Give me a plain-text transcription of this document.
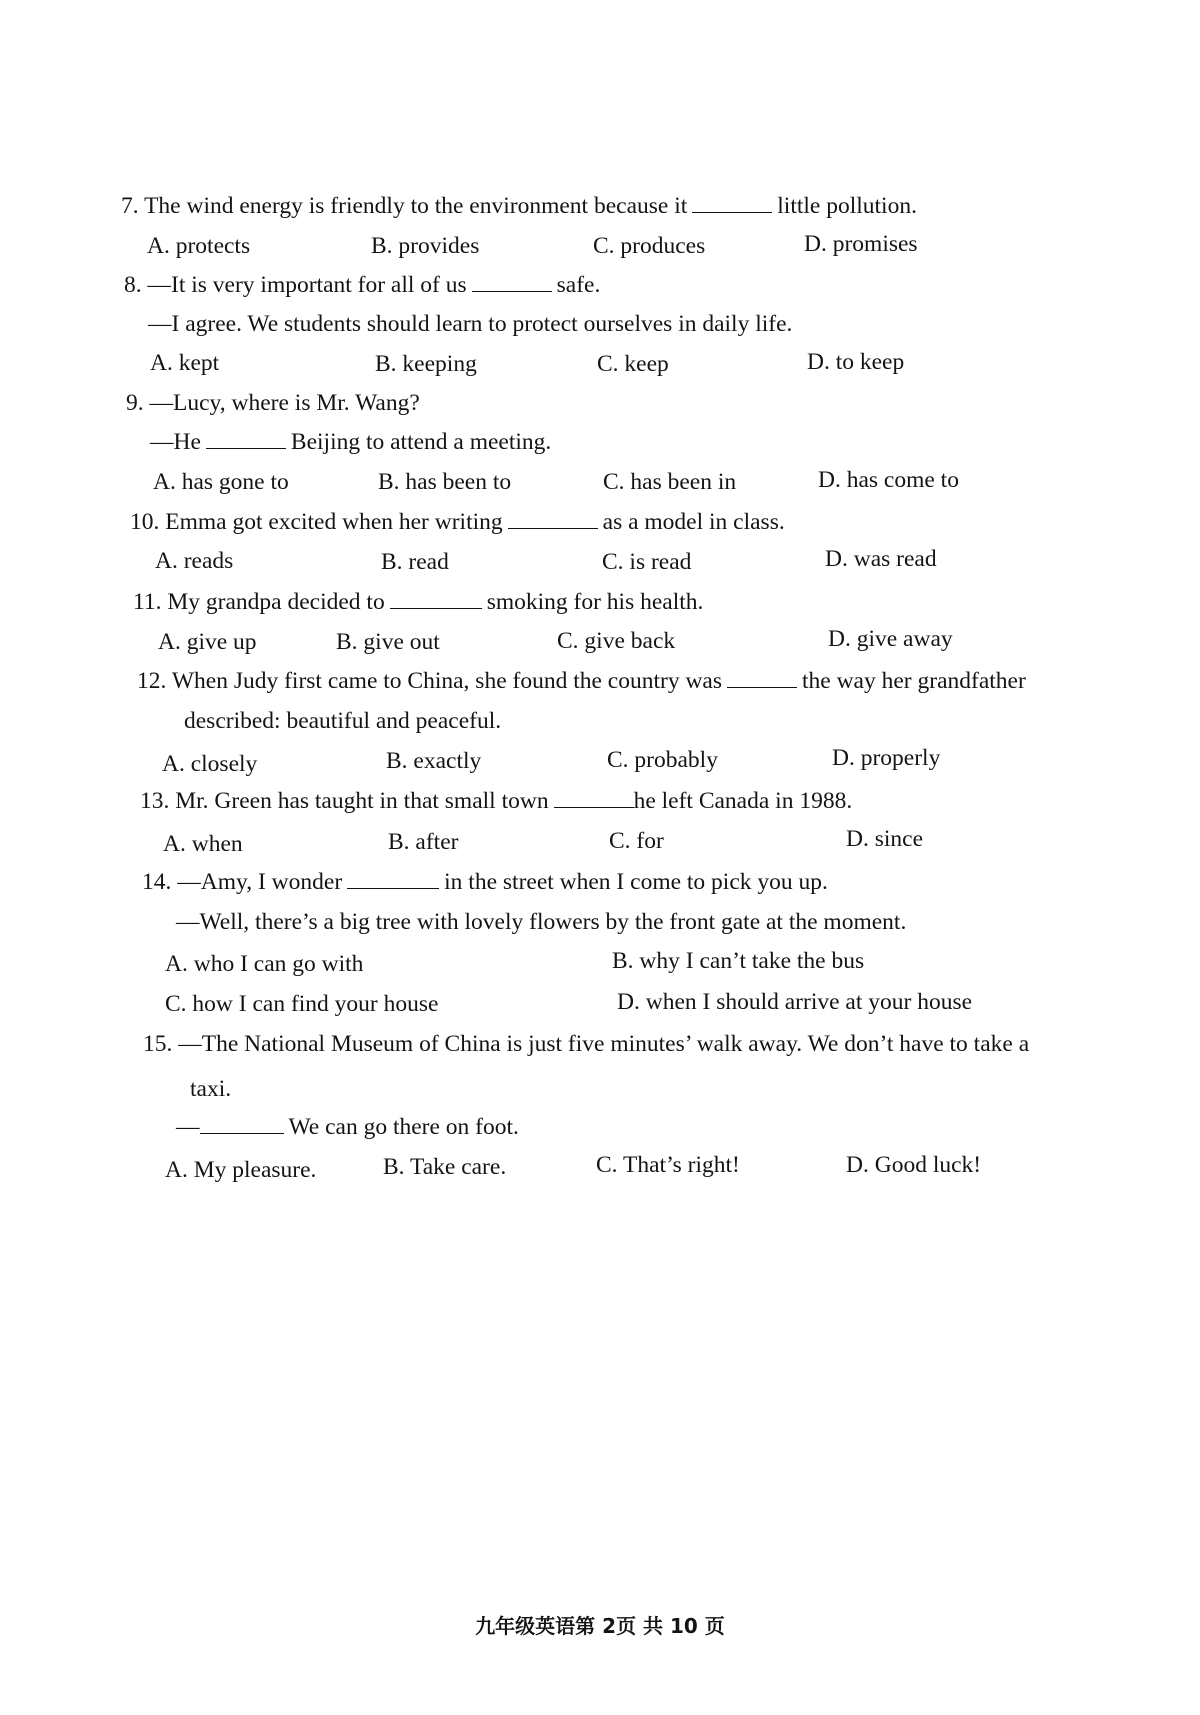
7. The wind energy is friendly to the environment because it	little pollution.
A. protects	B. provides	C. produces	D. promises
8. —It is very important for all of us	safe.
—I agree. We students should learn to protect ourselves in daily life.
A. kept	B. keeping	C. keep	D. to keep
9. —Lucy, where is Mr. Wang?
—He	Beijing to attend a meeting.
A. has gone to	B. has been to	C. has been in	D. has come to
10. Emma got excited when her writing	as a model in class.
A. reads	B. read	C. is read	D. was read
11. My grandpa decided to	smoking for his health.
A. give up	B. give out	C. give back	D. give away
12. When Judy first came to China, she found the country was	the way her grandfather
described: beautiful and peaceful.
A. closely	B. exactly	C. probably	D. properly
13. Mr. Green has taught in that small town	he left Canada in 1988.
A. when	B. after	C. for	D. since
14. —Amy, I wonder	in the street when I come to pick you up.
—Well, there’s a big tree with lovely flowers by the front gate at the moment.
A. who I can go with	B. why I can’t take the bus
C. how I can find your house	D. when I should arrive at your house
15. —The National Museum of China is just five minutes’ walk away. We don’t have to take a
taxi.
—	We can go there on foot.
A. My pleasure.	B. Take care.	C. That’s right!	D. Good luck!
九年级英语第 2页 共 10 页
